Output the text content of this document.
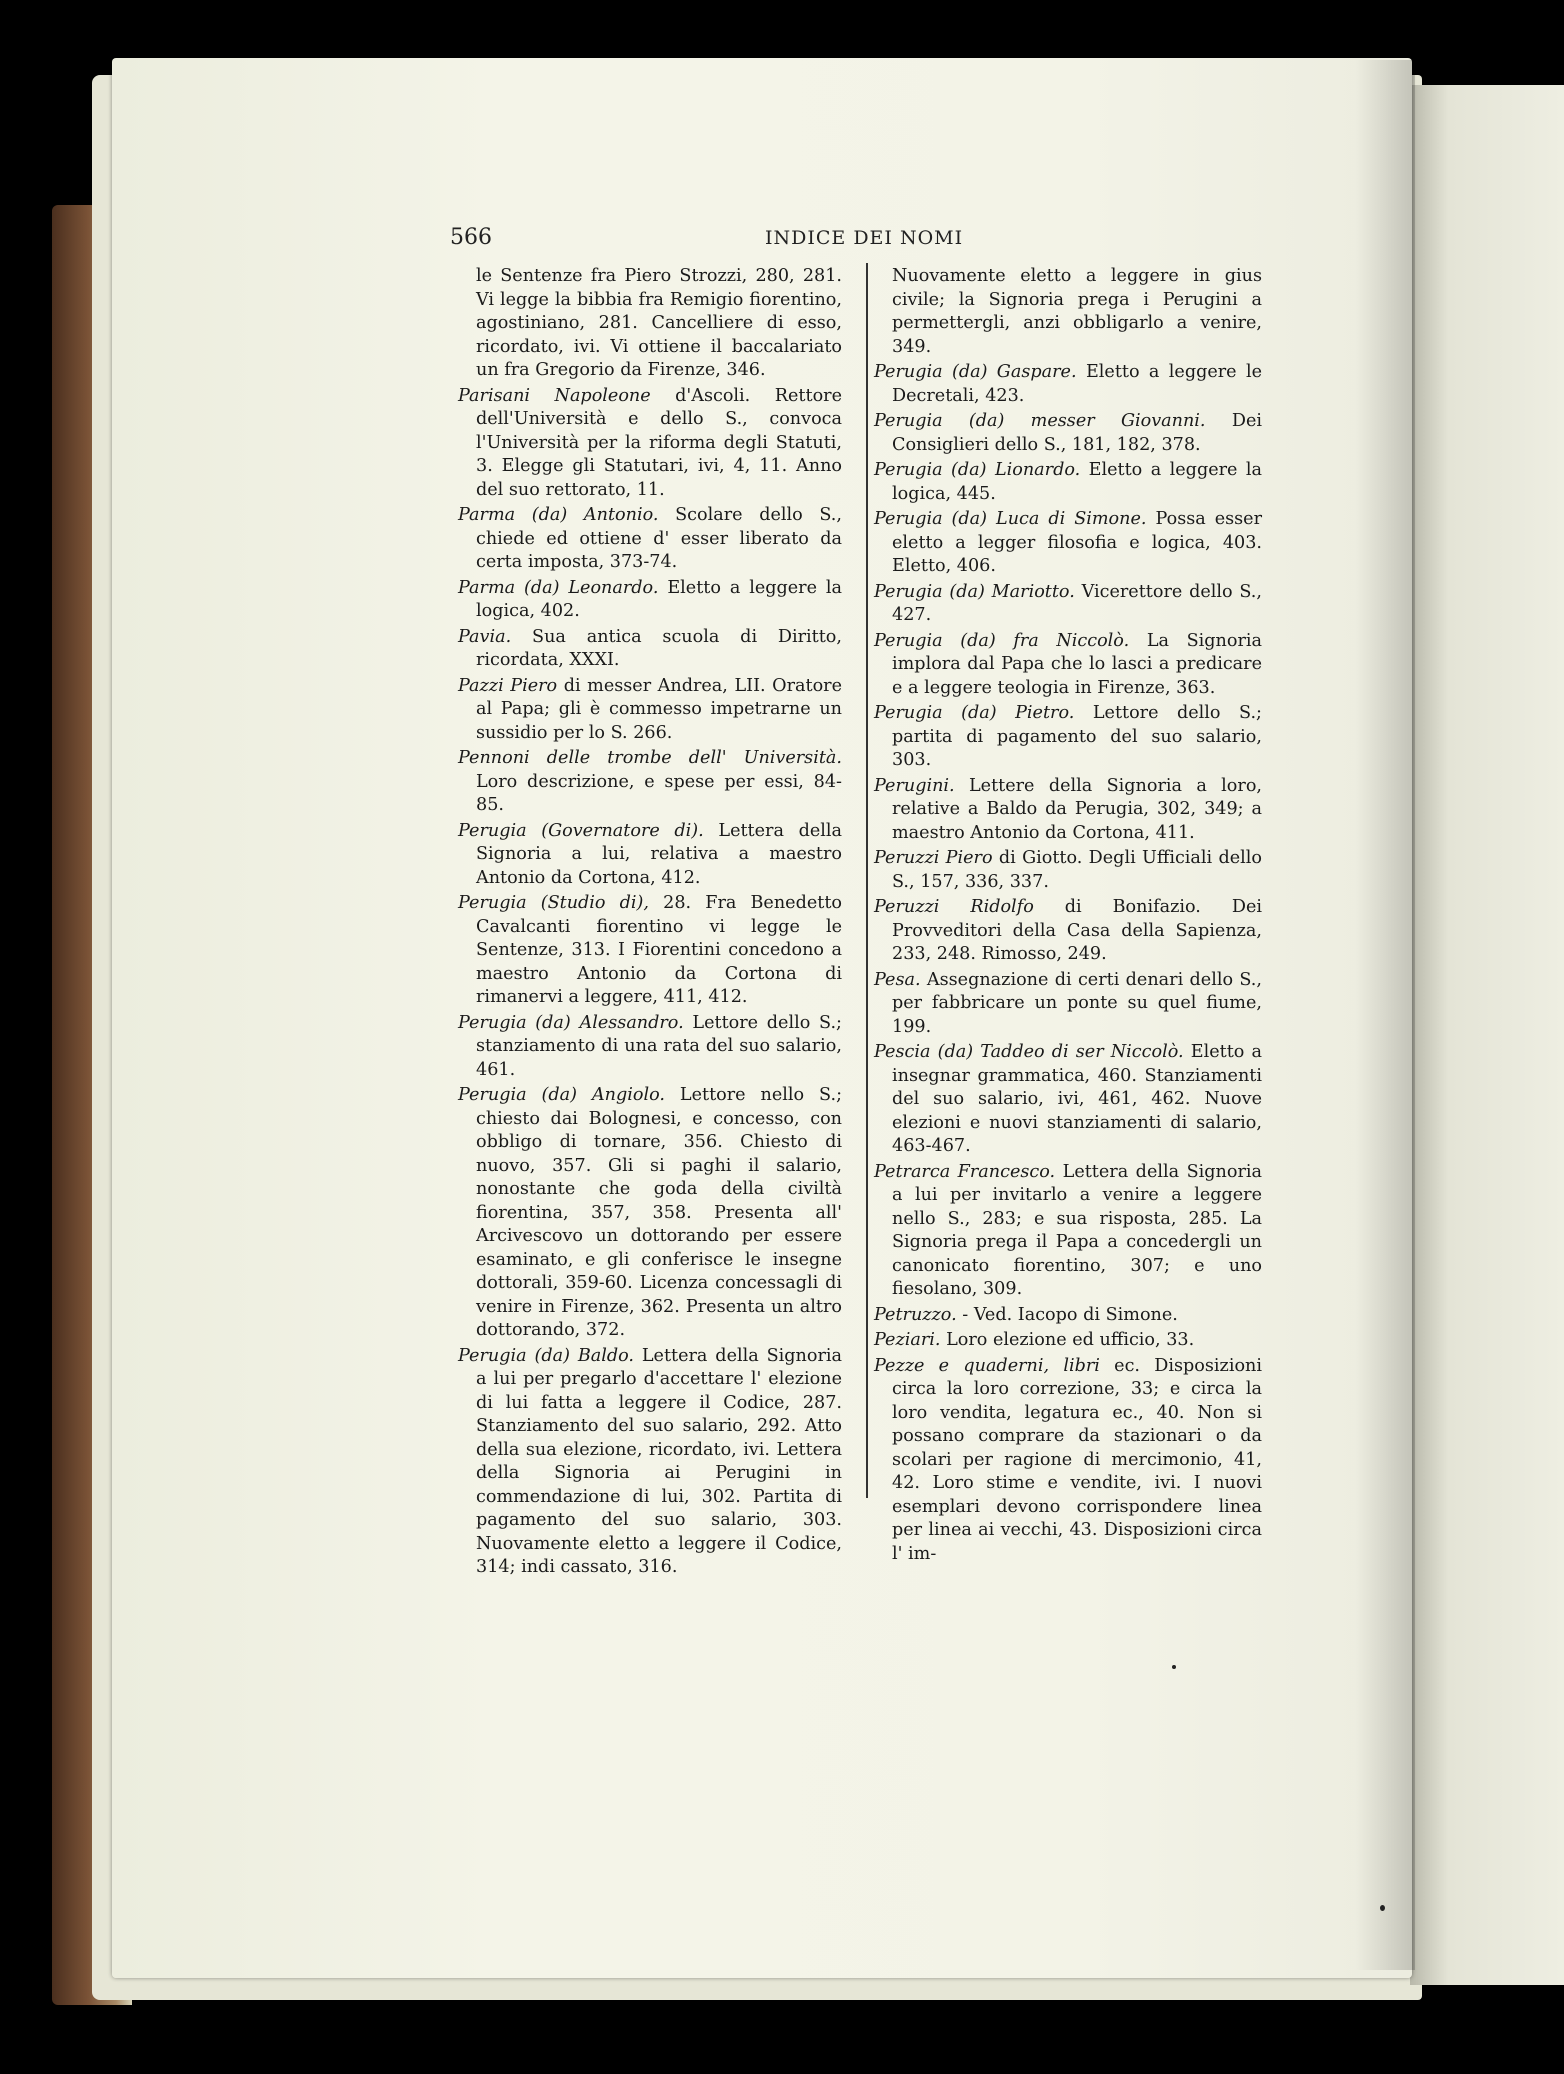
566	INDICE DEI NOMI

le Sentenze fra Piero Strozzi, 280, 281. Vi legge la bibbia fra Remigio fiorentino, agostiniano, 281. Cancelliere di esso, ricordato, ivi. Vi ottiene il baccalariato un fra Gregorio da Firenze, 346.

Parisani Napoleone d'Ascoli. Rettore dell'Università e dello S., convoca l'Università per la riforma degli Statuti, 3. Elegge gli Statutari, ivi, 4, 11. Anno del suo rettorato, 11.

Parma (da) Antonio. Scolare dello S., chiede ed ottiene d' esser liberato da certa imposta, 373-74.

Parma (da) Leonardo. Eletto a leggere la logica, 402.

Pavia. Sua antica scuola di Diritto, ricordata, XXXI.

Pazzi Piero di messer Andrea, LII. Oratore al Papa; gli è commesso impetrarne un sussidio per lo S. 266.

Pennoni delle trombe dell' Università. Loro descrizione, e spese per essi, 84-85.

Perugia (Governatore di). Lettera della Signoria a lui, relativa a maestro Antonio da Cortona, 412.

Perugia (Studio di), 28. Fra Benedetto Cavalcanti fiorentino vi legge le Sentenze, 313. I Fiorentini concedono a maestro Antonio da Cortona di rimanervi a leggere, 411, 412.

Perugia (da) Alessandro. Lettore dello S.; stanziamento di una rata del suo salario, 461.

Perugia (da) Angiolo. Lettore nello S.; chiesto dai Bolognesi, e concesso, con obbligo di tornare, 356. Chiesto di nuovo, 357. Gli si paghi il salario, nonostante che goda della civiltà fiorentina, 357, 358. Presenta all' Arcivescovo un dottorando per essere esaminato, e gli conferisce le insegne dottorali, 359-60. Licenza concessagli di venire in Firenze, 362. Presenta un altro dottorando, 372.

Perugia (da) Baldo. Lettera della Signoria a lui per pregarlo d'accettare l' elezione di lui fatta a leggere il Codice, 287. Stanziamento del suo salario, 292. Atto della sua elezione, ricordato, ivi. Lettera della Signoria ai Perugini in commendazione di lui, 302. Partita di pagamento del suo salario, 303. Nuovamente eletto a leggere il Codice, 314; indi cassato, 316.

Nuovamente eletto a leggere in gius civile; la Signoria prega i Perugini a permettergli, anzi obbligarlo a venire, 349.

Perugia (da) Gaspare. Eletto a leggere le Decretali, 423.

Perugia (da) messer Giovanni. Dei Consiglieri dello S., 181, 182, 378.

Perugia (da) Lionardo. Eletto a leggere la logica, 445.

Perugia (da) Luca di Simone. Possa esser eletto a legger filosofia e logica, 403. Eletto, 406.

Perugia (da) Mariotto. Vicerettore dello S., 427.

Perugia (da) fra Niccolò. La Signoria implora dal Papa che lo lasci a predicare e a leggere teologia in Firenze, 363.

Perugia (da) Pietro. Lettore dello S.; partita di pagamento del suo salario, 303.

Perugini. Lettere della Signoria a loro, relative a Baldo da Perugia, 302, 349; a maestro Antonio da Cortona, 411.

Peruzzi Piero di Giotto. Degli Ufficiali dello S., 157, 336, 337.

Peruzzi Ridolfo di Bonifazio. Dei Provveditori della Casa della Sapienza, 233, 248. Rimosso, 249.

Pesa. Assegnazione di certi denari dello S., per fabbricare un ponte su quel fiume, 199.

Pescia (da) Taddeo di ser Niccolò. Eletto a insegnar grammatica, 460. Stanziamenti del suo salario, ivi, 461, 462. Nuove elezioni e nuovi stanziamenti di salario, 463-467.

Petrarca Francesco. Lettera della Signoria a lui per invitarlo a venire a leggere nello S., 283; e sua risposta, 285. La Signoria prega il Papa a concedergli un canonicato fiorentino, 307; e uno fiesolano, 309.

Petruzzo. - Ved. Iacopo di Simone.

Peziari. Loro elezione ed ufficio, 33.

Pezze e quaderni, libri ec. Disposizioni circa la loro correzione, 33; e circa la loro vendita, legatura ec., 40. Non si possano comprare da stazionari o da scolari per ragione di mercimonio, 41, 42. Loro stime e vendite, ivi. I nuovi esemplari devono corrispondere linea per linea ai vecchi, 43. Disposizioni circa l' im-
